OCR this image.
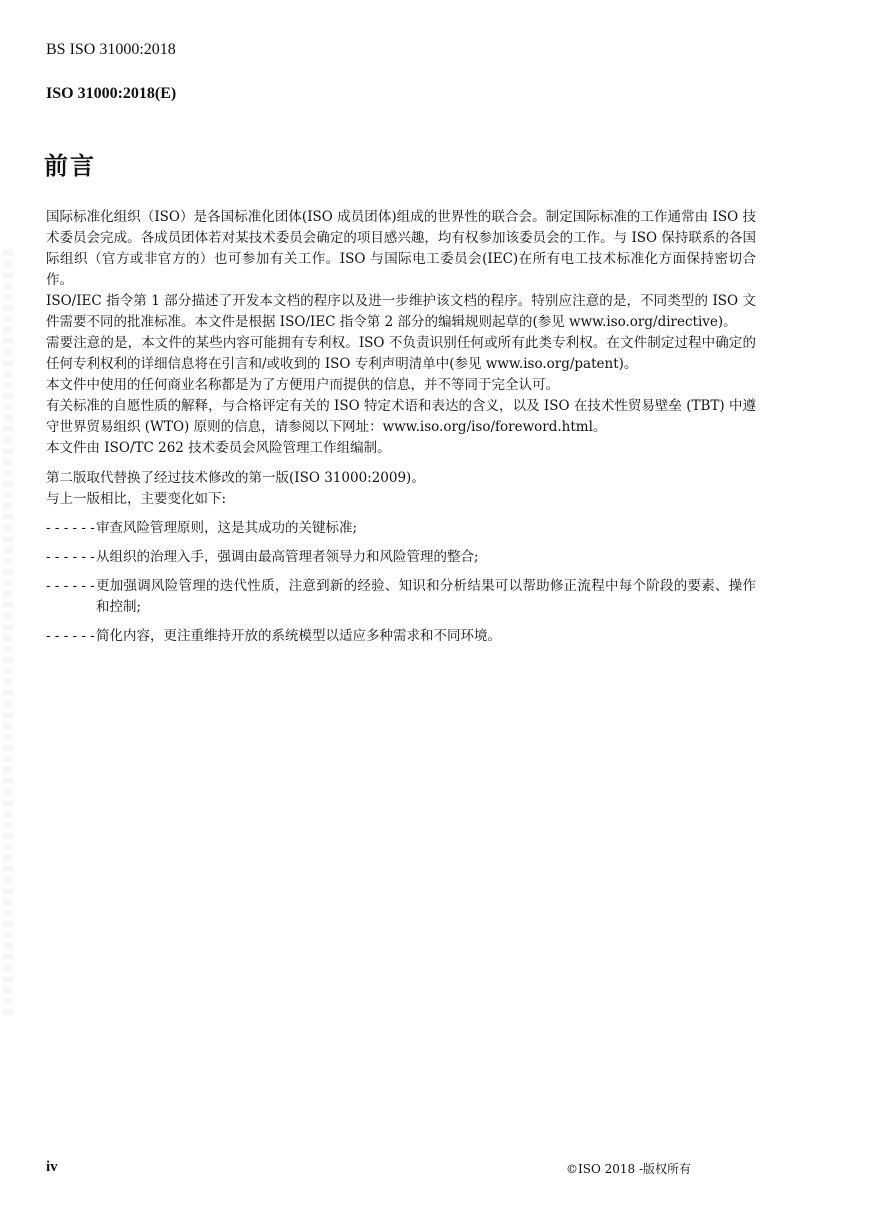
BS ISO 31000:2018
ISO 31000:2018(E)
前言

国际标准化组织（ISO）是各国标准化团体(ISO 成员团体)组成的世界性的联合会。制定国际标准的工作通常由 ISO 技术委员会完成。各成员团体若对某技术委员会确定的项目感兴趣，均有权参加该委员会的工作。与 ISO 保持联系的各国际组织（官方或非官方的）也可参加有关工作。ISO 与国际电工委员会(IEC)在所有电工技术标准化方面保持密切合作。

ISO/IEC 指令第 1 部分描述了开发本文档的程序以及进一步维护该文档的程序。特别应注意的是，不同类型的 ISO 文件需要不同的批准标准。本文件是根据 ISO/IEC 指令第 2 部分的编辑规则起草的(参见 www.iso.org/directive)。

需要注意的是，本文件的某些内容可能拥有专利权。ISO 不负责识别任何或所有此类专利权。在文件制定过程中确定的任何专利权利的详细信息将在引言和/或收到的 ISO 专利声明清单中(参见 www.iso.org/patent)。

本文件中使用的任何商业名称都是为了方便用户而提供的信息，并不等同于完全认可。

有关标准的自愿性质的解释，与合格评定有关的 ISO 特定术语和表达的含义，以及 ISO 在技术性贸易壁垒 (TBT) 中遵守世界贸易组织 (WTO) 原则的信息，请参阅以下网址：www.iso.org/iso/foreword.html。

本文件由 ISO/TC 262 技术委员会风险管理工作组编制。

第二版取代替换了经过技术修改的第一版(ISO 31000:2009)。

与上一版相比，主要变化如下:

- - - - - - 审查风险管理原则，这是其成功的关键标准;
- - - - - - 从组织的治理入手，强调由最高管理者领导力和风险管理的整合;
- - - - - - 更加强调风险管理的迭代性质，注意到新的经验、知识和分析结果可以帮助修正流程中每个阶段的要素、操作和控制;
- - - - - - 简化内容，更注重维持开放的系统模型以适应多种需求和不同环境。
iv	©ISO 2018 -版权所有
